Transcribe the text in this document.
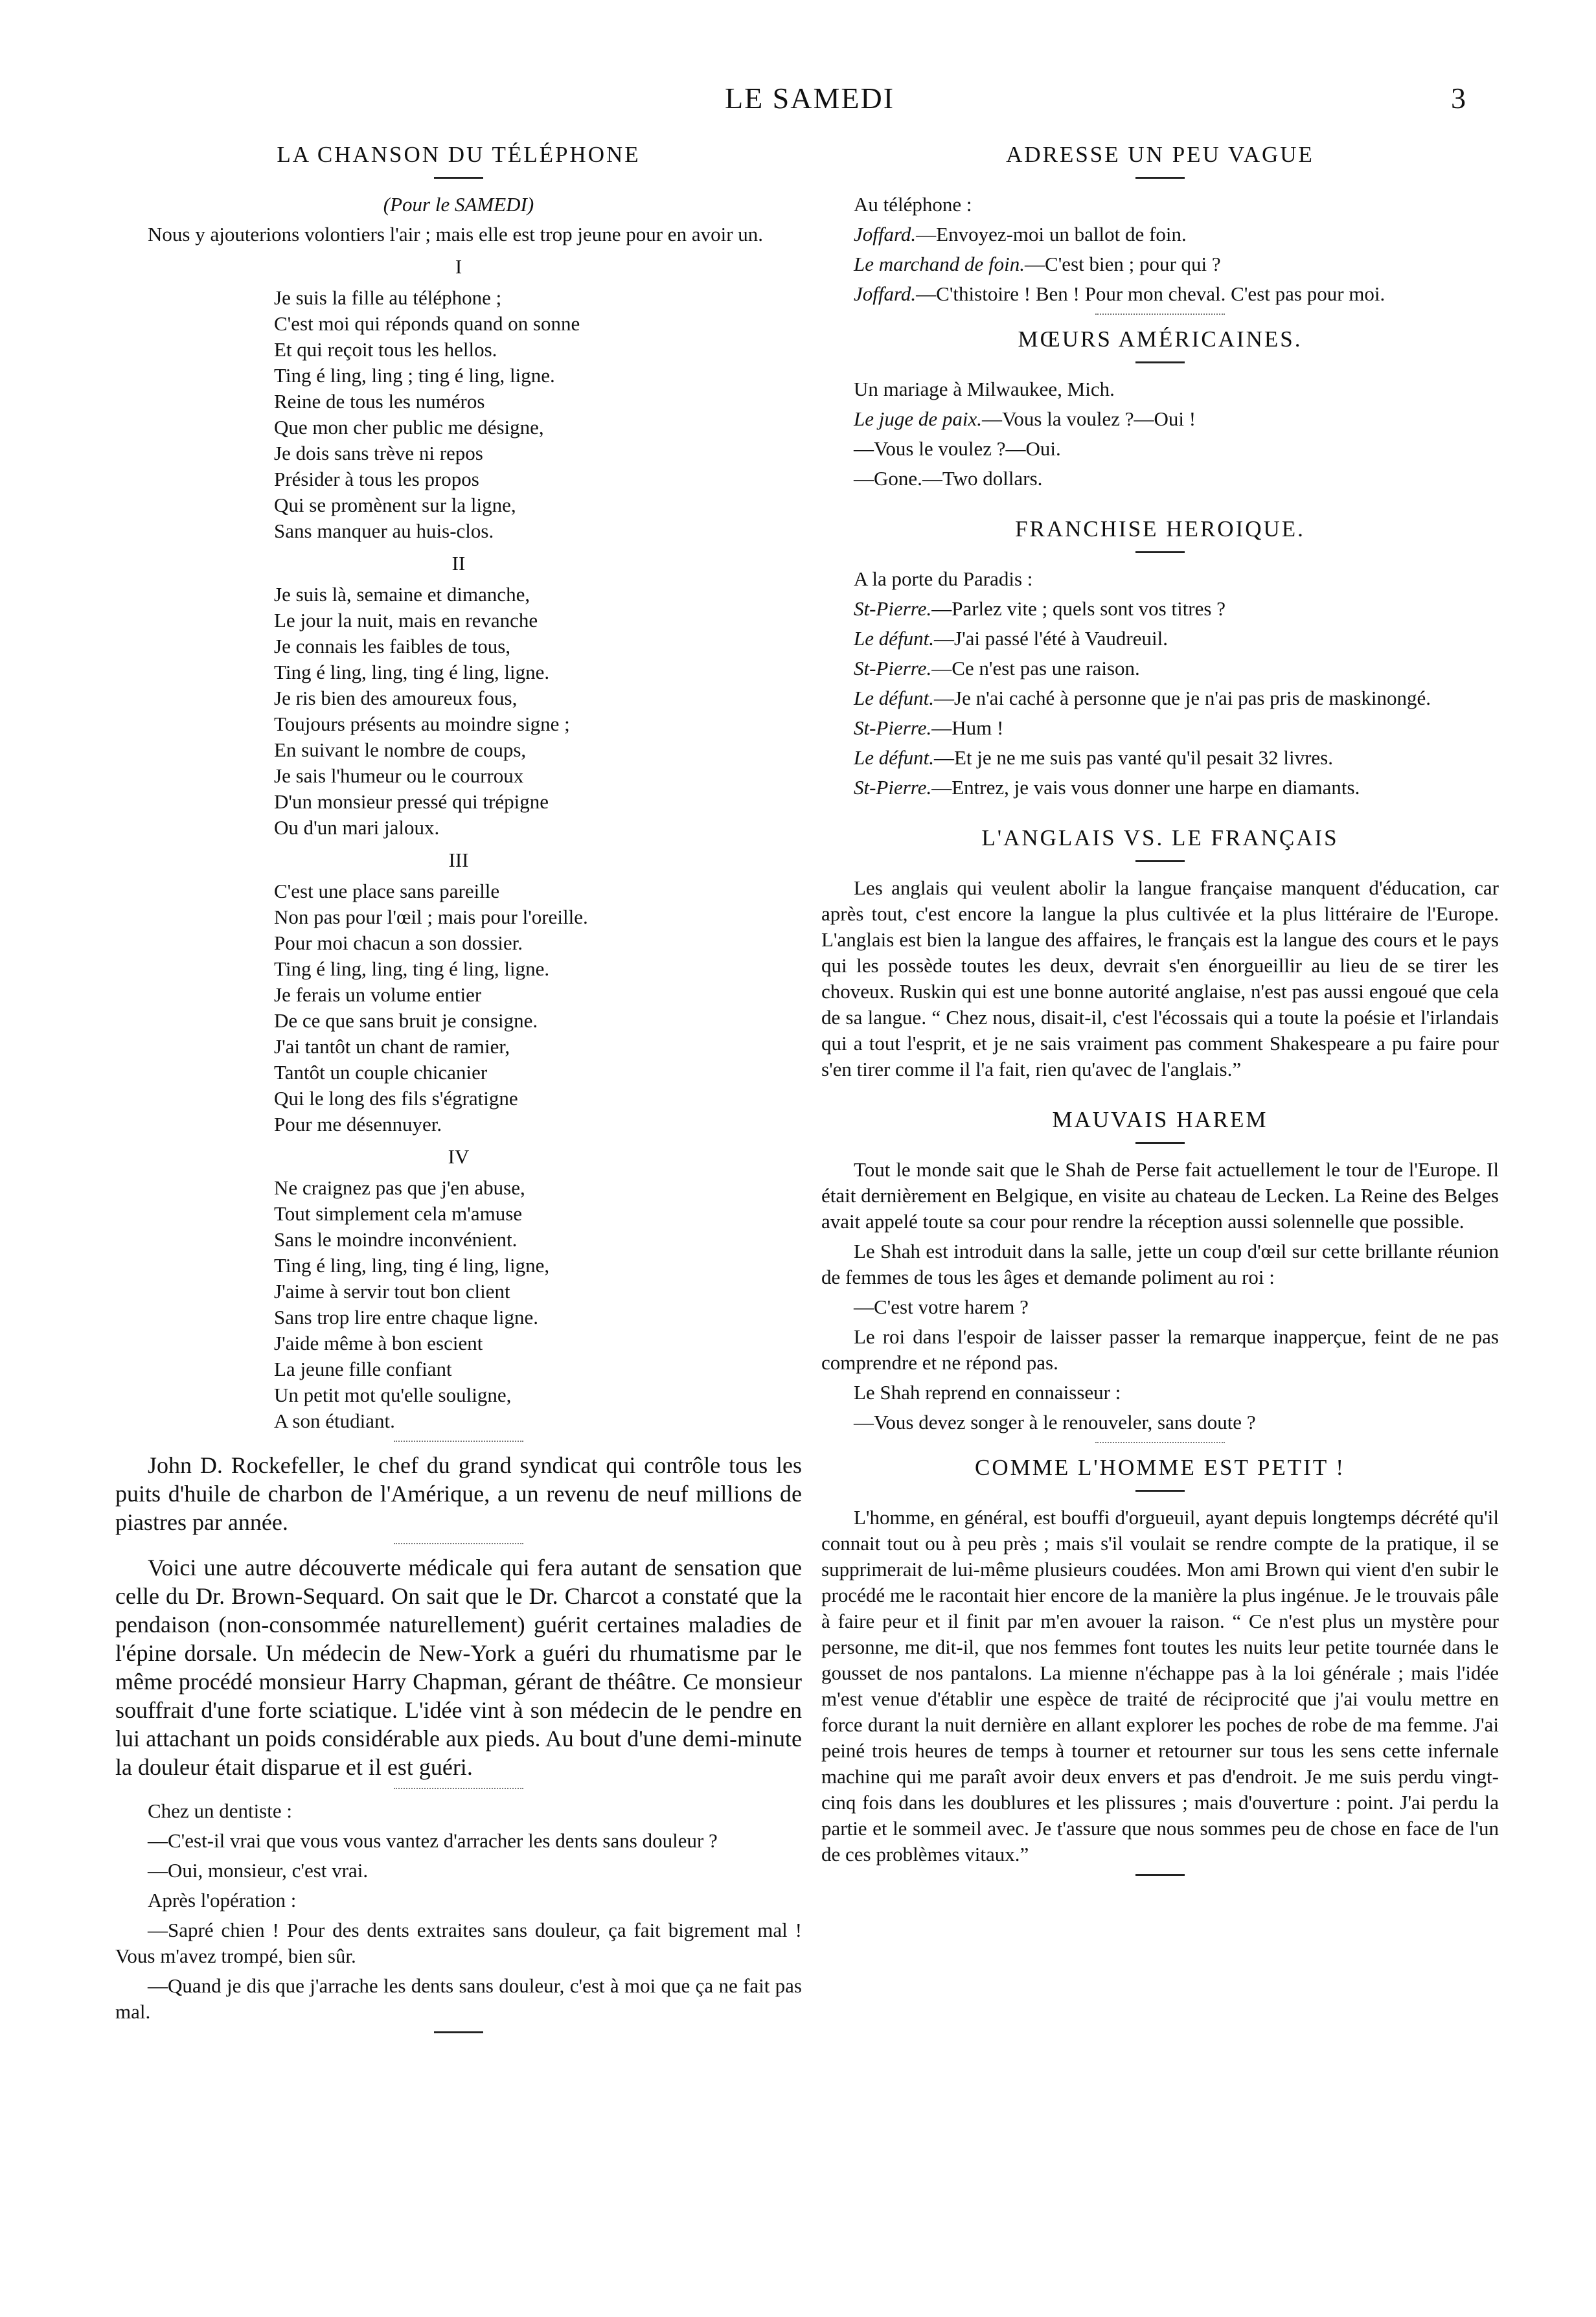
LE SAMEDI	3
LA CHANSON DU TÉLÉPHONE
(Pour le SAMEDI)

Nous y ajouterions volontiers l'air ; mais elle est trop jeune pour en avoir un.

I
Je suis la fille au téléphone ;
C'est moi qui réponds quand on sonne
Et qui reçoit tous les hellos.
Ting é ling, ling ; ting é ling, ligne.
Reine de tous les numéros
Que mon cher public me désigne,
Je dois sans trève ni repos
Présider à tous les propos
Qui se promènent sur la ligne,
Sans manquer au huis-clos.
II
Je suis là, semaine et dimanche,
Le jour la nuit, mais en revanche
Je connais les faibles de tous,
Ting é ling, ling, ting é ling, ligne.
Je ris bien des amoureux fous,
Toujours présents au moindre signe ;
En suivant le nombre de coups,
Je sais l'humeur ou le courroux
D'un monsieur pressé qui trépigne
Ou d'un mari jaloux.
III
C'est une place sans pareille
Non pas pour l'œil ; mais pour l'oreille.
Pour moi chacun a son dossier.
Ting é ling, ling, ting é ling, ligne.
Je ferais un volume entier
De ce que sans bruit je consigne.
J'ai tantôt un chant de ramier,
Tantôt un couple chicanier
Qui le long des fils s'égratigne
Pour me désennuyer.
IV
Ne craignez pas que j'en abuse,
Tout simplement cela m'amuse
Sans le moindre inconvénient.
Ting é ling, ling, ting é ling, ligne,
J'aime à servir tout bon client
Sans trop lire entre chaque ligne.
J'aide même à bon escient
La jeune fille confiant
Un petit mot qu'elle souligne,
A son étudiant.

John D. Rockefeller, le chef du grand syndicat qui contrôle tous les puits d'huile de charbon de l'Amérique, a un revenu de neuf millions de piastres par année.

Voici une autre découverte médicale qui fera autant de sensation que celle du Dr. Brown-Sequard. On sait que le Dr. Charcot a constaté que la pendaison (non-consommée naturellement) guérit certaines maladies de l'épine dorsale. Un médecin de New-York a guéri du rhumatisme par le même procédé monsieur Harry Chapman, gérant de théâtre. Ce monsieur souffrait d'une forte sciatique. L'idée vint à son médecin de le pendre en lui attachant un poids considérable aux pieds. Au bout d'une demi-minute la douleur était disparue et il est guéri.

Chez un dentiste :

—C'est-il vrai que vous vous vantez d'arracher les dents sans douleur ?

—Oui, monsieur, c'est vrai.

Après l'opération :

—Sapré chien ! Pour des dents extraites sans douleur, ça fait bigrement mal ! Vous m'avez trompé, bien sûr.

—Quand je dis que j'arrache les dents sans douleur, c'est à moi que ça ne fait pas mal.

ADRESSE UN PEU VAGUE

Au téléphone :

Joffard.—Envoyez-moi un ballot de foin.

Le marchand de foin.—C'est bien ; pour qui ?

Joffard.—C'thistoire ! Ben ! Pour mon cheval. C'est pas pour moi.

MŒURS AMÉRICAINES.

Un mariage à Milwaukee, Mich.

Le juge de paix.—Vous la voulez ?—Oui !

—Vous le voulez ?—Oui.

—Gone.—Two dollars.

FRANCHISE HEROIQUE.

A la porte du Paradis :

St-Pierre.—Parlez vite ; quels sont vos titres ?

Le défunt.—J'ai passé l'été à Vaudreuil.

St-Pierre.—Ce n'est pas une raison.

Le défunt.—Je n'ai caché à personne que je n'ai pas pris de maskinongé.

St-Pierre.—Hum !

Le défunt.—Et je ne me suis pas vanté qu'il pesait 32 livres.

St-Pierre.—Entrez, je vais vous donner une harpe en diamants.

L'ANGLAIS VS. LE FRANÇAIS

Les anglais qui veulent abolir la langue française manquent d'éducation, car après tout, c'est encore la langue la plus cultivée et la plus littéraire de l'Europe. L'anglais est bien la langue des affaires, le français est la langue des cours et le pays qui les possède toutes les deux, devrait s'en énorgueillir au lieu de se tirer les choveux. Ruskin qui est une bonne autorité anglaise, n'est pas aussi engoué que cela de sa langue. “ Chez nous, disait-il, c'est l'écossais qui a toute la poésie et l'irlandais qui a tout l'esprit, et je ne sais vraiment pas comment Shakespeare a pu faire pour s'en tirer comme il l'a fait, rien qu'avec de l'anglais.”

MAUVAIS HAREM

Tout le monde sait que le Shah de Perse fait actuellement le tour de l'Europe. Il était dernièrement en Belgique, en visite au chateau de Lecken. La Reine des Belges avait appelé toute sa cour pour rendre la réception aussi solennelle que possible.

Le Shah est introduit dans la salle, jette un coup d'œil sur cette brillante réunion de femmes de tous les âges et demande poliment au roi :

—C'est votre harem ?

Le roi dans l'espoir de laisser passer la remarque inapperçue, feint de ne pas comprendre et ne répond pas.

Le Shah reprend en connaisseur :

—Vous devez songer à le renouveler, sans doute ?

COMME L'HOMME EST PETIT !

L'homme, en général, est bouffi d'orgueuil, ayant depuis longtemps décrété qu'il connait tout ou à peu près ; mais s'il voulait se rendre compte de la pratique, il se supprimerait de lui-même plusieurs coudées. Mon ami Brown qui vient d'en subir le procédé me le racontait hier encore de la manière la plus ingénue. Je le trouvais pâle à faire peur et il finit par m'en avouer la raison. “ Ce n'est plus un mystère pour personne, me dit-il, que nos femmes font toutes les nuits leur petite tournée dans le gousset de nos pantalons. La mienne n'échappe pas à la loi générale ; mais l'idée m'est venue d'établir une espèce de traité de réciprocité que j'ai voulu mettre en force durant la nuit dernière en allant explorer les poches de robe de ma femme. J'ai peiné trois heures de temps à tourner et retourner sur tous les sens cette infernale machine qui me paraît avoir deux envers et pas d'endroit. Je me suis perdu vingt-cinq fois dans les doublures et les plissures ; mais d'ouverture : point. J'ai perdu la partie et le sommeil avec. Je t'assure que nous sommes peu de chose en face de l'un de ces problèmes vitaux.”
